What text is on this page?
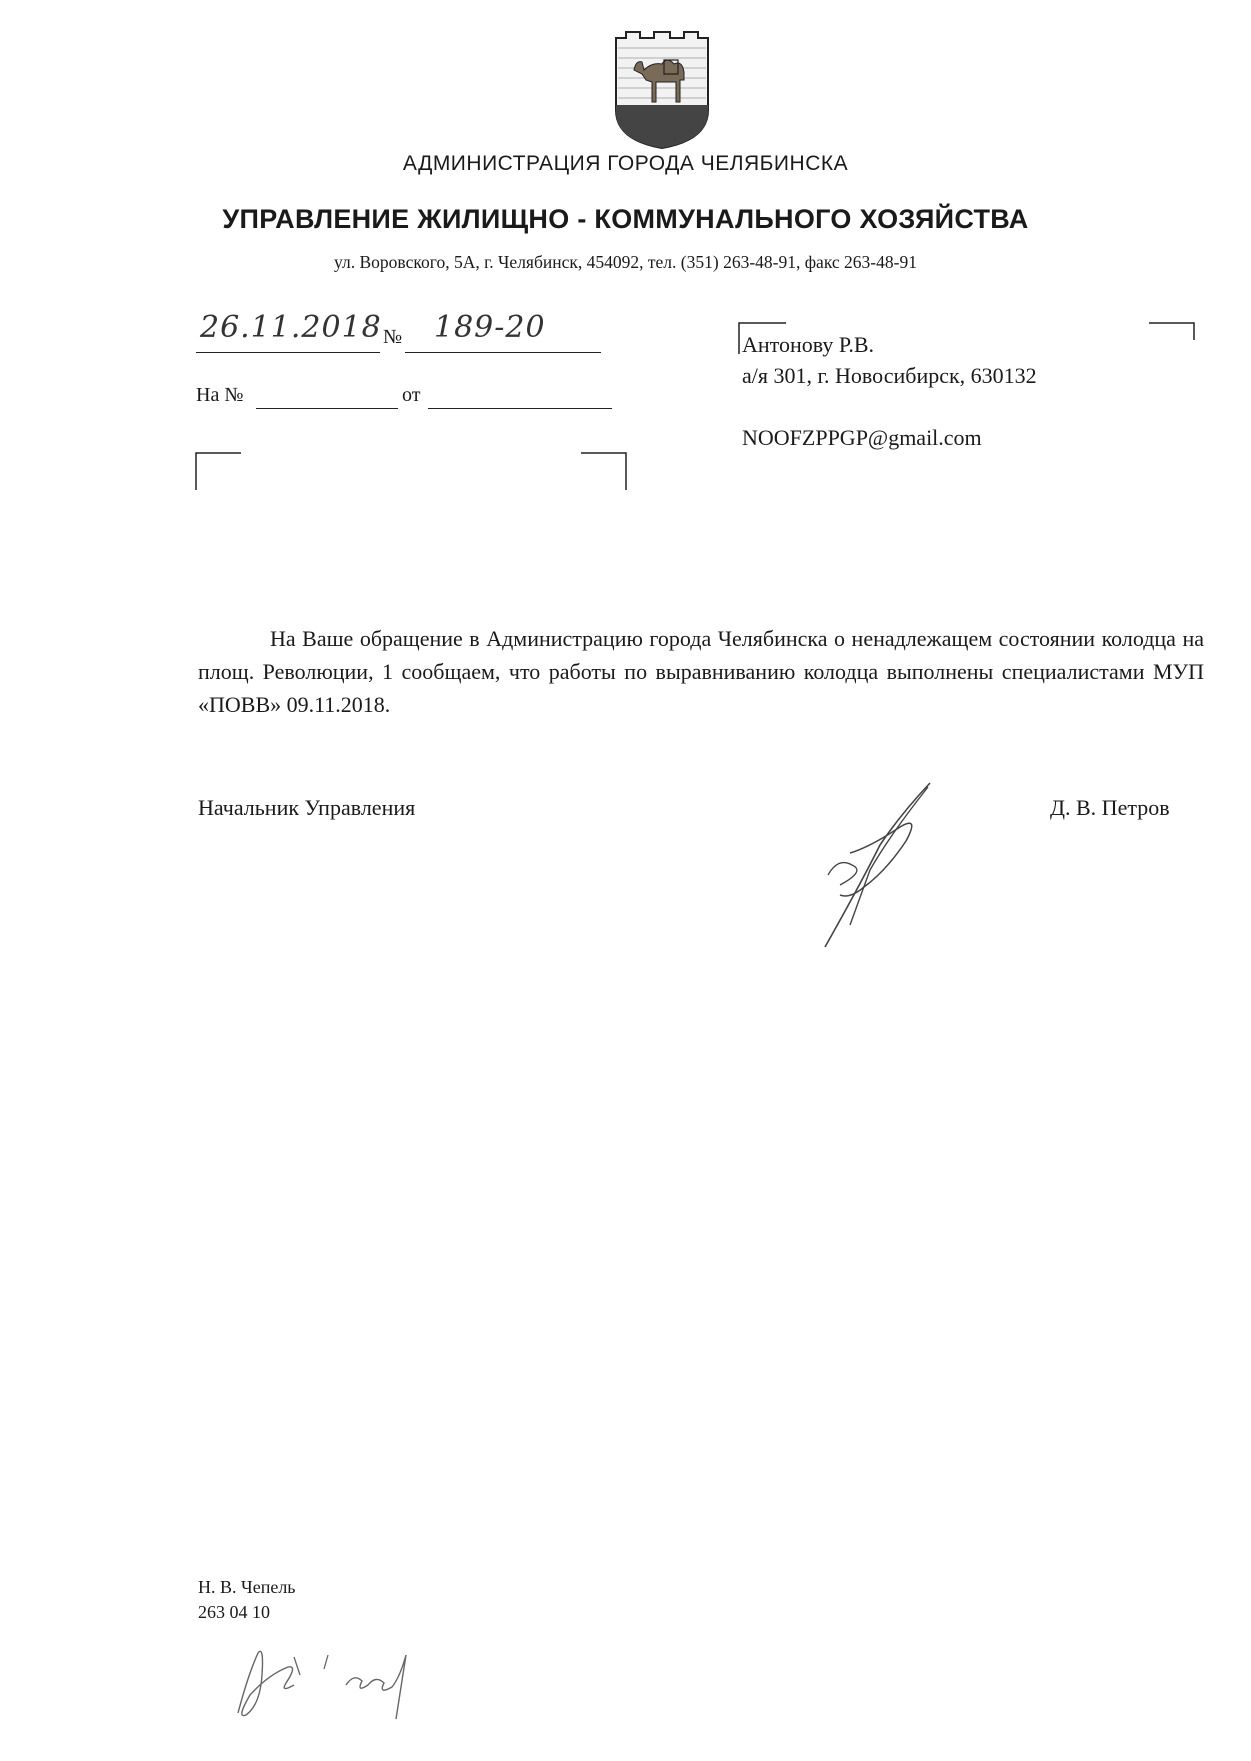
АДМИНИСТРАЦИЯ ГОРОДА ЧЕЛЯБИНСКА
УПРАВЛЕНИЕ ЖИЛИЩНО - КОММУНАЛЬНОГО ХОЗЯЙСТВА
ул. Воровского, 5А, г. Челябинск, 454092, тел. (351) 263-48-91, факс 263-48-91
26.11.2018 № 189-20
На №	от
Антонову Р.В.
а/я 301, г. Новосибирск, 630132
NOOFZPPGP@gmail.com
На Ваше обращение в Администрацию города Челябинска о ненадлежащем состоянии колодца на площ. Революции, 1 сообщаем, что работы по выравниванию колодца выполнены специалистами МУП «ПОВВ» 09.11.2018.
Начальник Управления	Д. В. Петров
Н. В. Чепель
263 04 10
